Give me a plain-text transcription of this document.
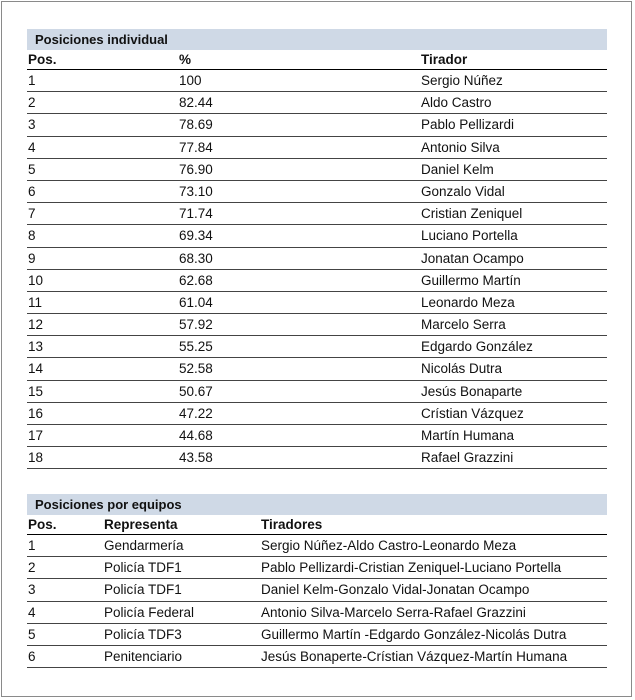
Posiciones individual
Pos.	%	Tirador
1	100	Sergio Núñez
2	82.44	Aldo Castro
3	78.69	Pablo Pellizardi
4	77.84	Antonio Silva
5	76.90	Daniel Kelm
6	73.10	Gonzalo Vidal
7	71.74	Cristian Zeniquel
8	69.34	Luciano Portella
9	68.30	Jonatan Ocampo
10	62.68	Guillermo Martín
11	61.04	Leonardo Meza
12	57.92	Marcelo Serra
13	55.25	Edgardo González
14	52.58	Nicolás Dutra
15	50.67	Jesús Bonaparte
16	47.22	Crístian Vázquez
17	44.68	Martín Humana
18	43.58	Rafael Grazzini
Posiciones por equipos
Pos.	Representa	Tiradores
1	Gendarmería	Sergio Núñez-Aldo Castro-Leonardo Meza
2	Policía TDF1	Pablo Pellizardi-Cristian Zeniquel-Luciano Portella
3	Policía TDF1	Daniel Kelm-Gonzalo Vidal-Jonatan Ocampo
4	Policía Federal	Antonio Silva-Marcelo Serra-Rafael Grazzini
5	Policía TDF3	Guillermo Martín -Edgardo González-Nicolás Dutra
6	Penitenciario	Jesús Bonaperte-Crístian Vázquez-Martín Humana
